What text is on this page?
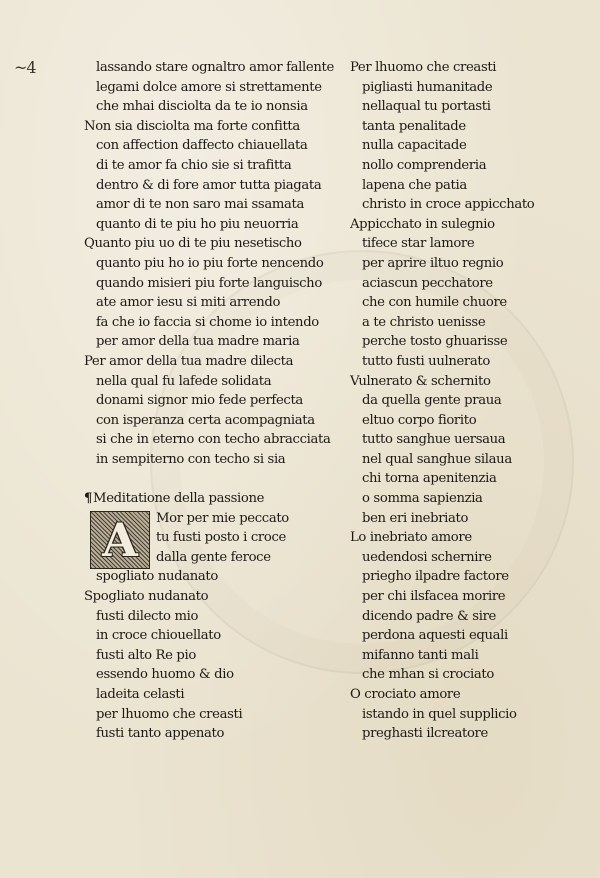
~4	lassando stare ognaltro amor fallente
legami dolce amore si strettamente
che mhai disciolta da te io nonsia
Non sia disciolta ma forte confitta
con affection daffecto chiauellata
di te amor fa chio sie si trafitta
dentro & di fore amor tutta piagata
amor di te non saro mai ssamata
quanto di te piu ho piu neuorria
Quanto piu uo di te piu nesetischo
quanto piu ho io piu forte nencendo
quando misieri piu forte languischo
ate amor iesu si miti arrendo
fa che io faccia si chome io intendo
per amor della tua madre maria
Per amor della tua madre dilecta
nella qual fu lafede solidata
donami signor mio fede perfecta
con isperanza certa acompagniata
si che in eterno con techo abracciata
in sempiterno con techo si sia
¶Meditatione della passione
A Mor per mie peccato
tu fusti posto i croce
dalla gente feroce
spogliato nudanato
Spogliato nudanato
fusti dilecto mio
in croce chiouellato
fusti alto Re pio
essendo huomo & dio
ladeita celasti
per lhuomo che creasti
fusti tanto appenato
Per lhuomo che creasti
pigliasti humanitade
nellaqual tu portasti
tanta penalitade
nulla capacitade
nollo comprenderia
lapena che patia
christo in croce appicchato
Appicchato in sulegnio
tifece star lamore
per aprire iltuo regnio
aciascun pecchatore
che con humile chuore
a te christo uenisse
perche tosto ghuarisse
tutto fusti uulnerato
Vulnerato & schernito
da quella gente praua
eltuo corpo fiorito
tutto sanghue uersaua
nel qual sanghue silaua
chi torna apenitenzia
o somma sapienzia
ben eri inebriato
Lo inebriato amore
uedendosi schernire
priegho ilpadre factore
per chi ilsfacea morire
dicendo padre & sire
perdona aquesti equali
mifanno tanti mali
che mhan si crociato
O crociato amore
istando in quel supplicio
preghasti ilcreatore
